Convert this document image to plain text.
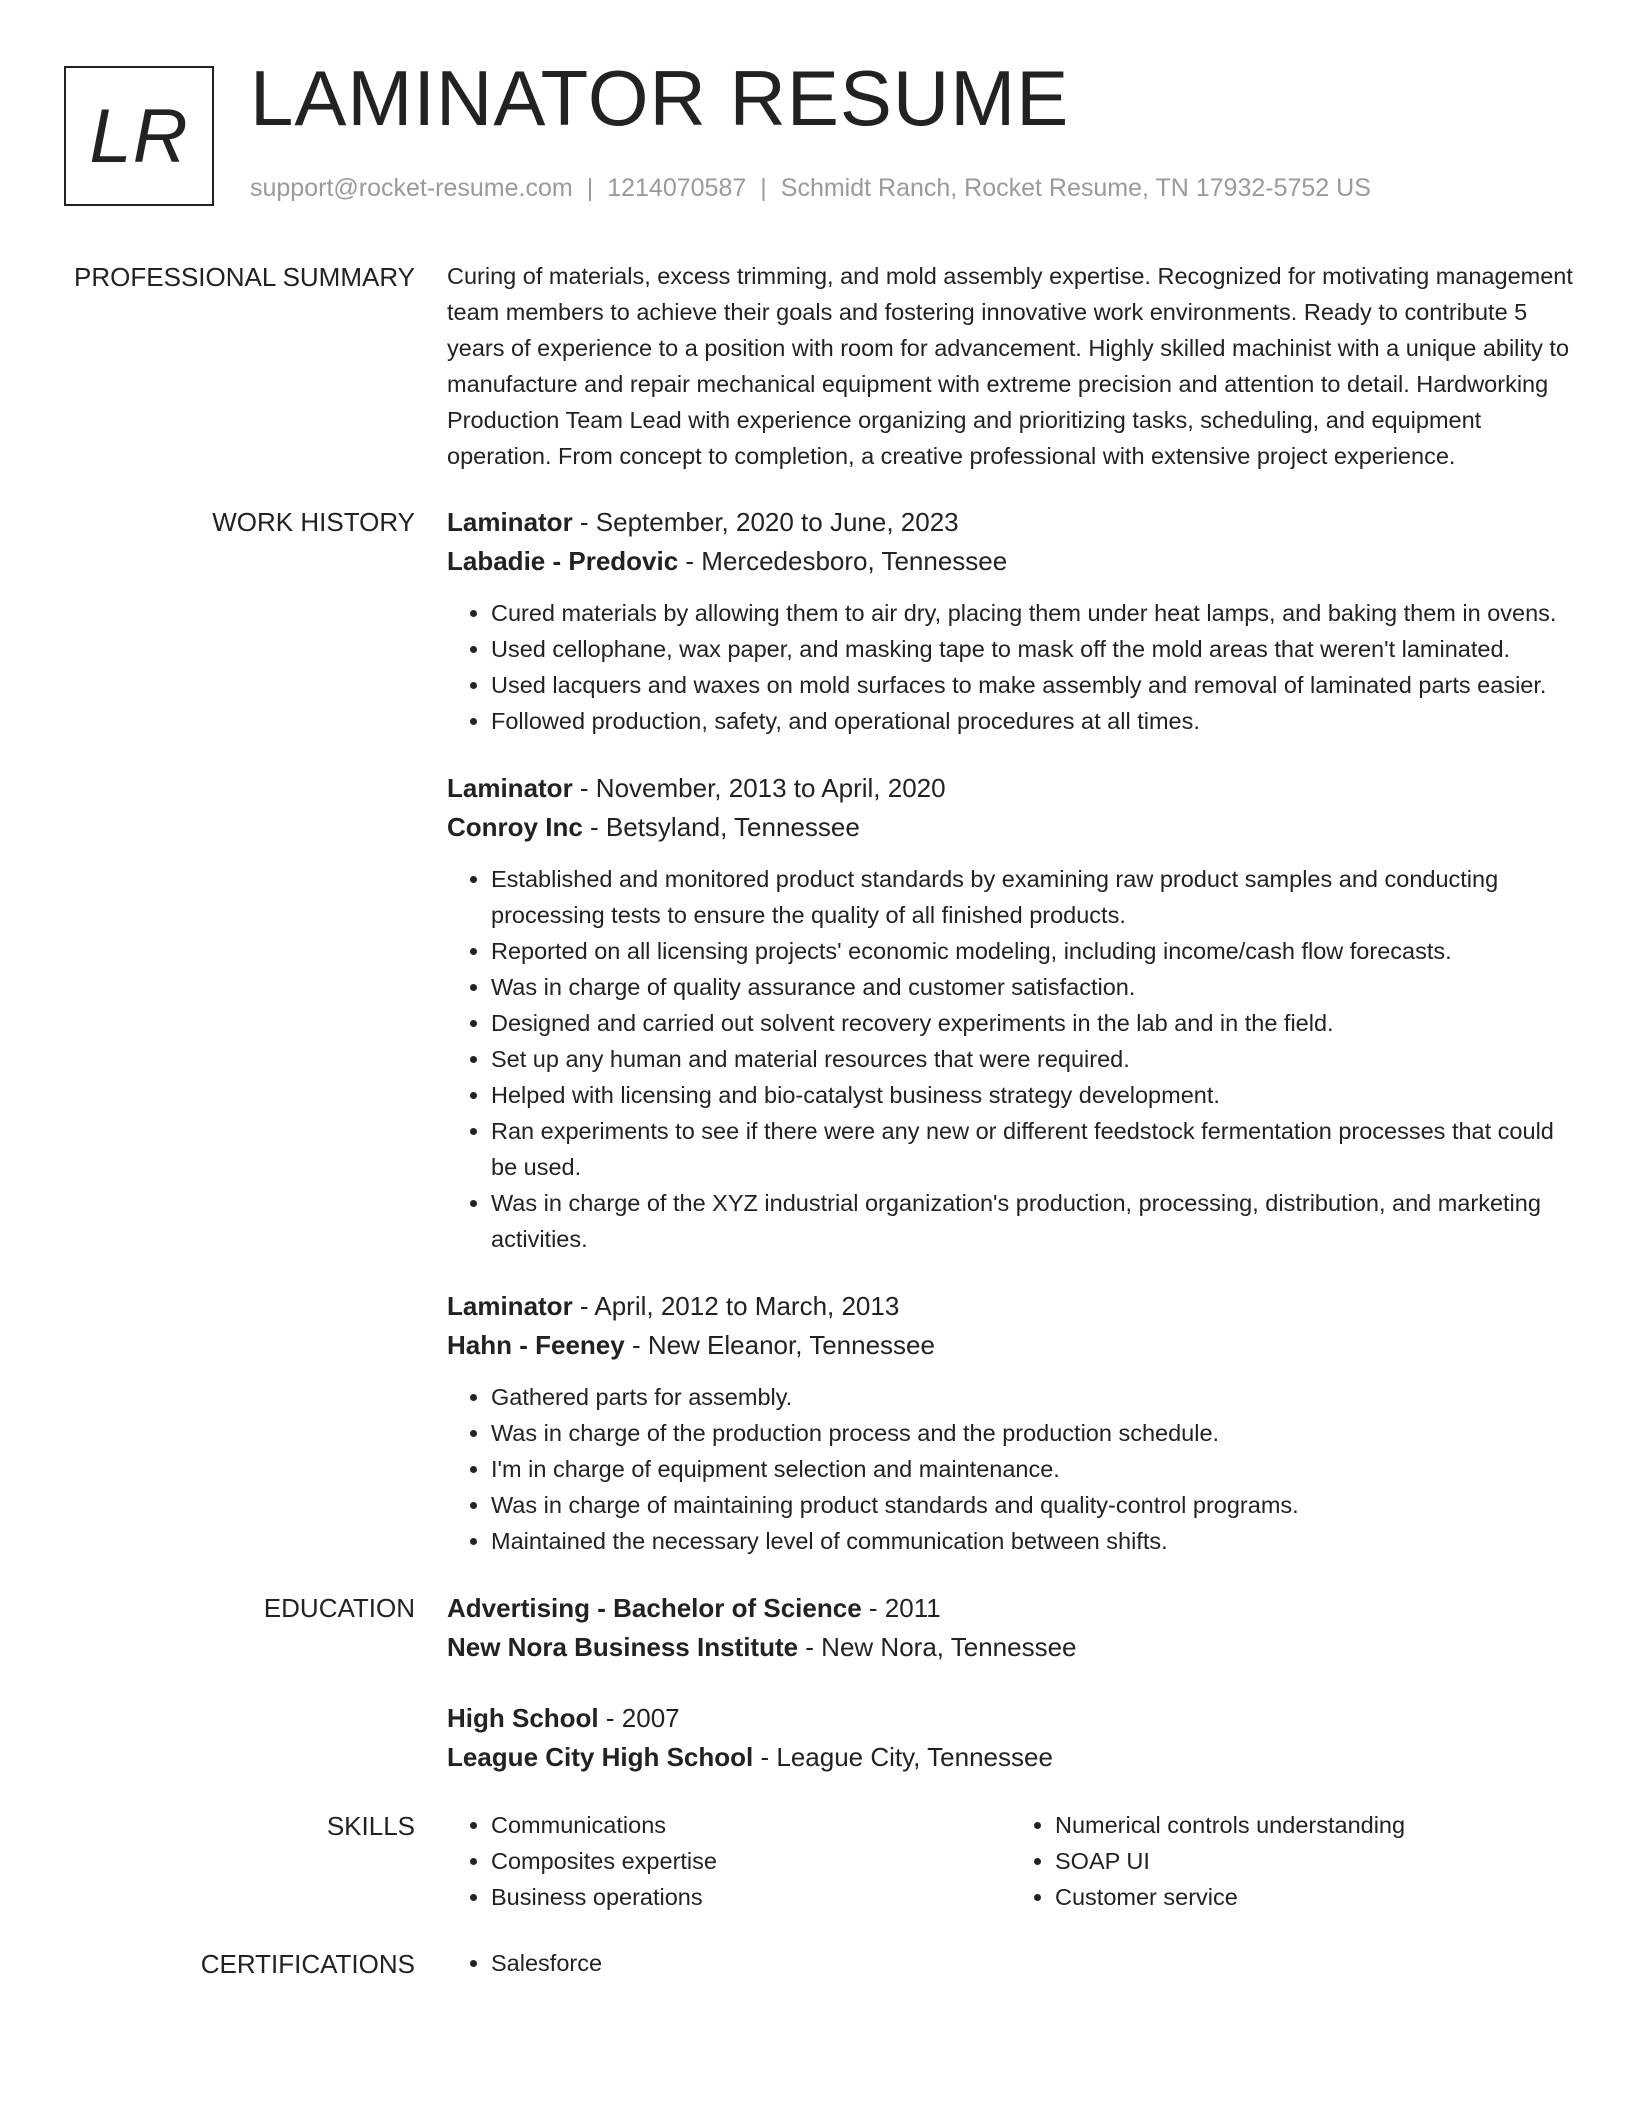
LR LAMINATOR RESUME
support@rocket-resume.com | 1214070587 | Schmidt Ranch, Rocket Resume, TN 17932-5752 US
PROFESSIONAL SUMMARY Curing of materials, excess trimming, and mold assembly expertise. Recognized for motivating management team members to achieve their goals and fostering innovative work environments. Ready to contribute 5 years of experience to a position with room for advancement. Highly skilled machinist with a unique ability to manufacture and repair mechanical equipment with extreme precision and attention to detail. Hardworking Production Team Lead with experience organizing and prioritizing tasks, scheduling, and equipment operation. From concept to completion, a creative professional with extensive project experience.

WORK HISTORY Laminator - September, 2020 to June, 2023
Labadie - Predovic - Mercedesboro, Tennessee
• Cured materials by allowing them to air dry, placing them under heat lamps, and baking them in ovens.
• Used cellophane, wax paper, and masking tape to mask off the mold areas that weren't laminated.
• Used lacquers and waxes on mold surfaces to make assembly and removal of laminated parts easier.
• Followed production, safety, and operational procedures at all times.
Laminator - November, 2013 to April, 2020
Conroy Inc - Betsyland, Tennessee
• Established and monitored product standards by examining raw product samples and conducting processing tests to ensure the quality of all finished products.
• Reported on all licensing projects' economic modeling, including income/cash flow forecasts.
• Was in charge of quality assurance and customer satisfaction.
• Designed and carried out solvent recovery experiments in the lab and in the field.
• Set up any human and material resources that were required.
• Helped with licensing and bio-catalyst business strategy development.
• Ran experiments to see if there were any new or different feedstock fermentation processes that could be used.
• Was in charge of the XYZ industrial organization's production, processing, distribution, and marketing activities.
Laminator - April, 2012 to March, 2013
Hahn - Feeney - New Eleanor, Tennessee
• Gathered parts for assembly.
• Was in charge of the production process and the production schedule.
• I'm in charge of equipment selection and maintenance.
• Was in charge of maintaining product standards and quality-control programs.
• Maintained the necessary level of communication between shifts.
EDUCATION Advertising - Bachelor of Science - 2011
New Nora Business Institute - New Nora, Tennessee
High School - 2007
League City High School - League City, Tennessee
SKILLS	• Communications
• Composites expertise
• Business operations
• Numerical controls understanding
• SOAP UI
• Customer service
CERTIFICATIONS	• Salesforce
